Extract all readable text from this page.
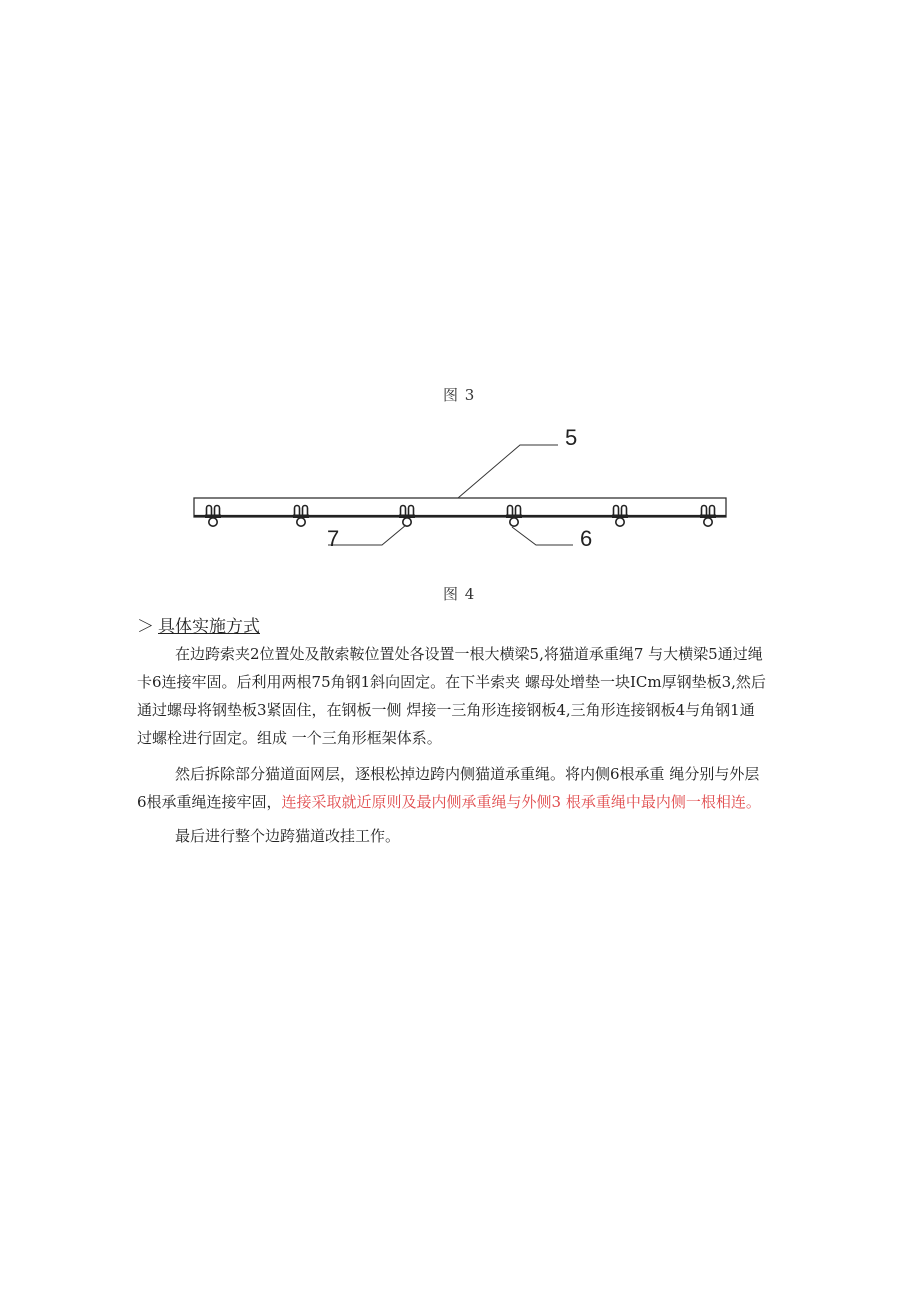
图 3
5
7	6
图 4
＞ 具体实施方式
在边跨索夹2位置处及散索鞍位置处各设置一根大横梁5,将猫道承重绳7 与大横梁5通过绳
卡6连接牢固。后利用两根75角钢1斜向固定。在下半索夹 螺母处增垫一块ICm厚钢垫板3,然后
通过螺母将钢垫板3紧固住，在钢板一侧 焊接一三角形连接钢板4,三角形连接钢板4与角钢1通
过螺栓进行固定。组成 一个三角形框架体系。
然后拆除部分猫道面网层，逐根松掉边跨内侧猫道承重绳。将内侧6根承重 绳分别与外层
6根承重绳连接牢固，连接采取就近原则及最内侧承重绳与外侧3 根承重绳中最内侧一根相连。
最后进行整个边跨猫道改挂工作。
